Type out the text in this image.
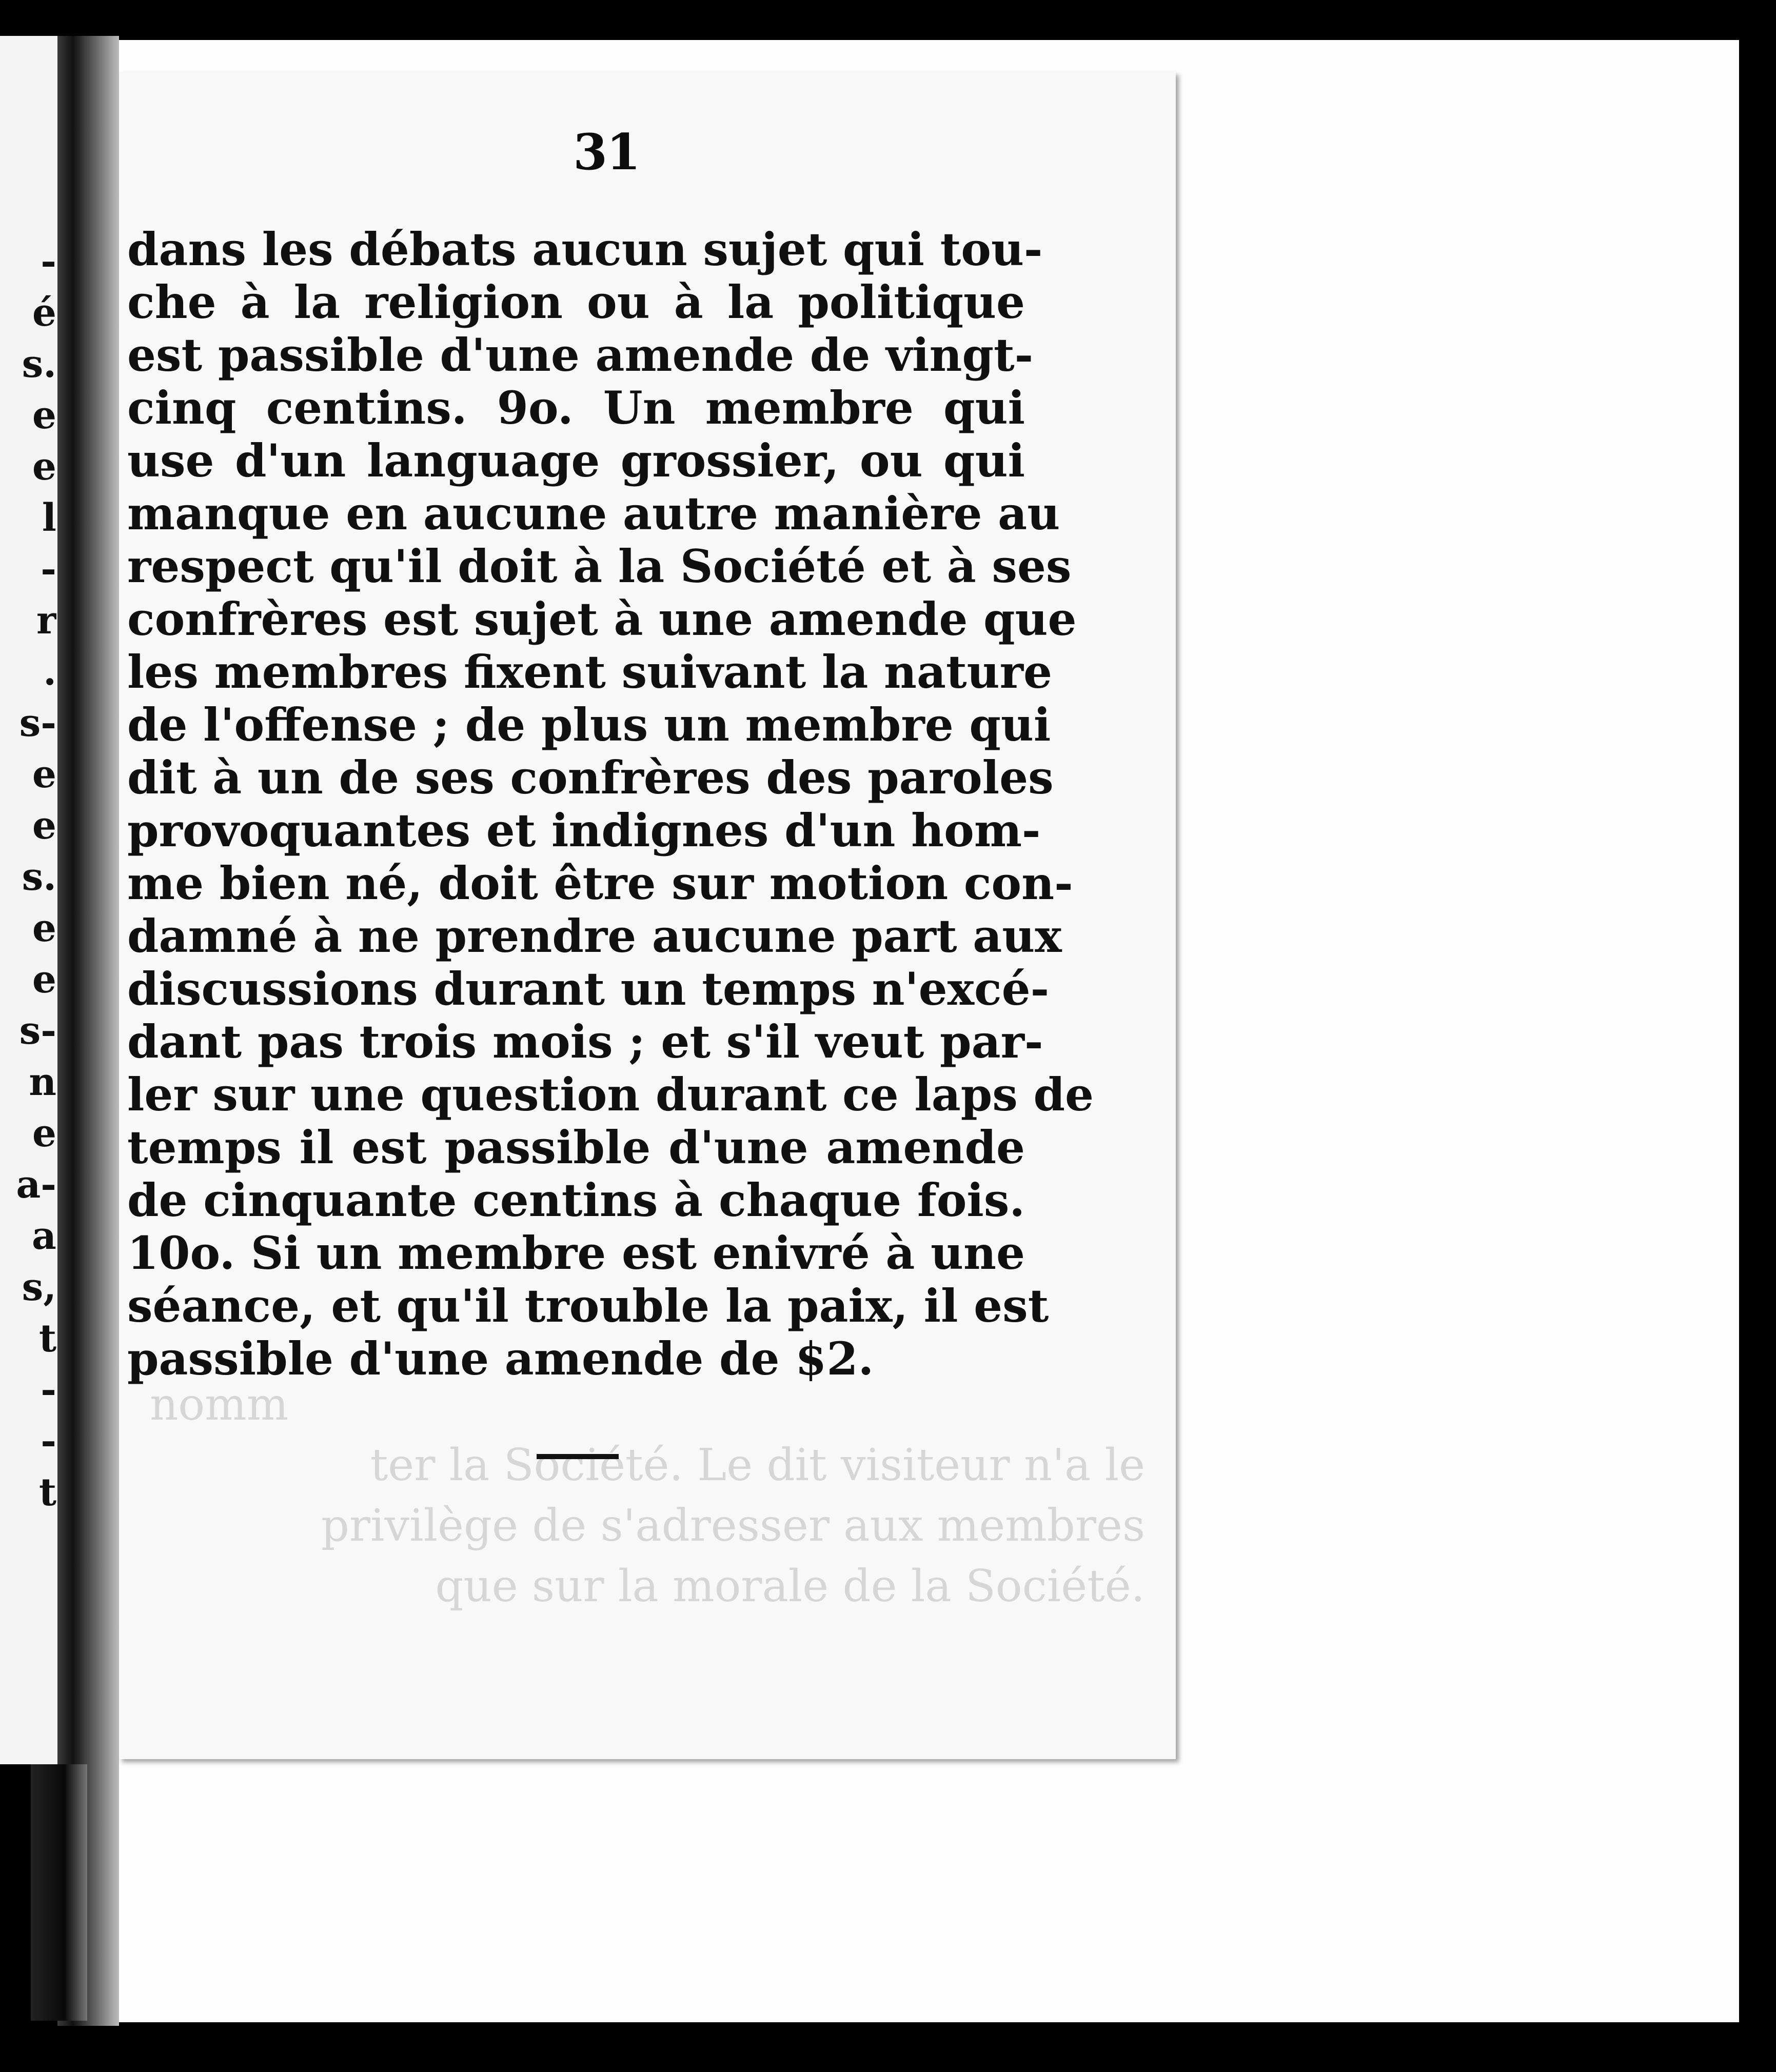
-
é
s.
e
e
l
-
r
.
s-
e
e
s.
e
e
s-
n
e
a-
a
s,
t
-
-
t
nomm
ter la Société. Le dit visiteur n'a le
privilège de s'adresser aux membres
que sur la morale de la Société.
31
dans les débats aucun sujet qui tou-
che à la religion ou à la politique
est passible d'une amende de vingt-
cinq centins. 9o. Un membre qui
use d'un language grossier, ou qui
manque en aucune autre manière au
respect qu'il doit à la Société et à ses
confrères est sujet à une amende que
les membres fixent suivant la nature
de l'offense ; de plus un membre qui
dit à un de ses confrères des paroles
provoquantes et indignes d'un hom-
me bien né, doit être sur motion con-
damné à ne prendre aucune part aux
discussions durant un temps n'excé-
dant pas trois mois ; et s'il veut par-
ler sur une question durant ce laps de
temps il est passible d'une amende
de cinquante centins à chaque fois.
10o. Si un membre est enivré à une
séance, et qu'il trouble la paix, il est
passible d'une amende de $2.
